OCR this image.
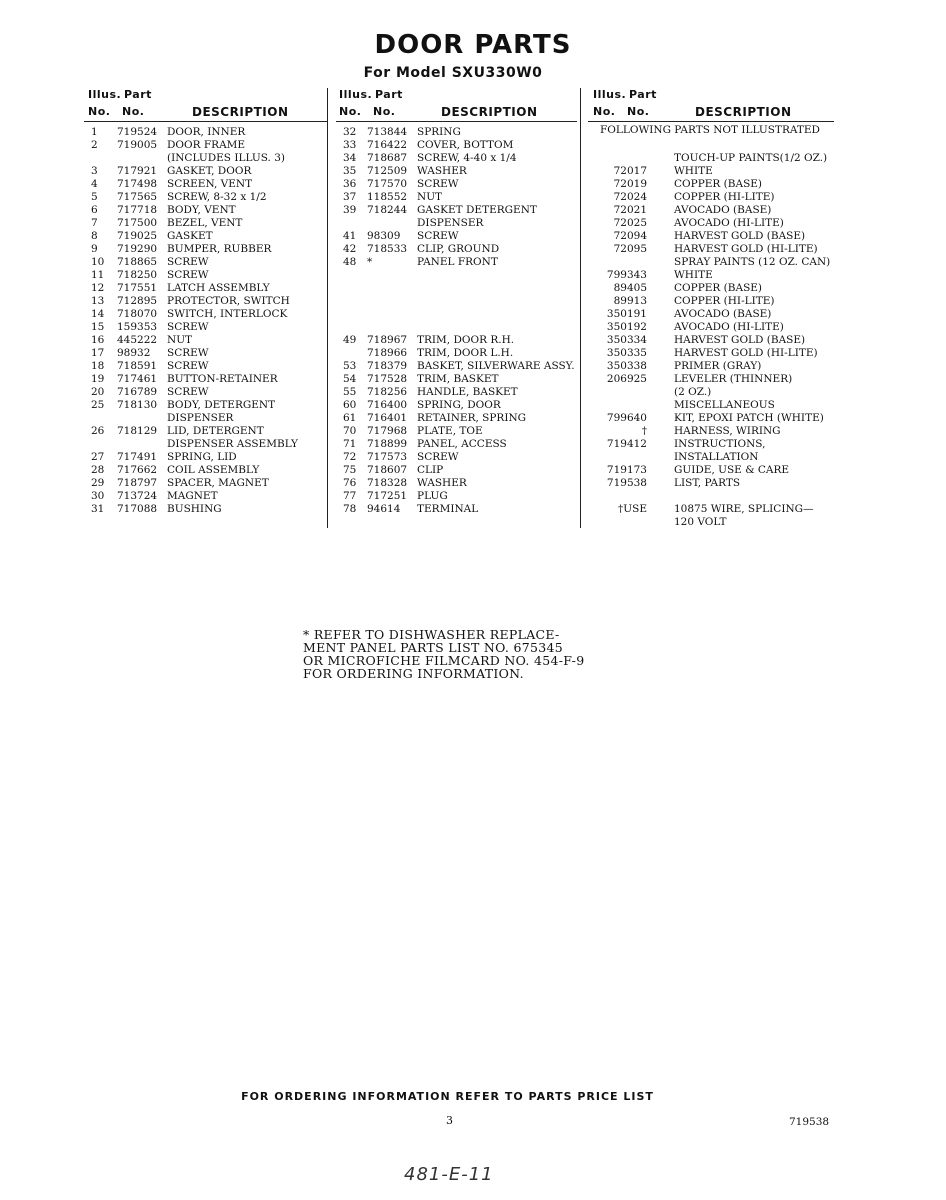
DOOR PARTS
For Model SXU330W0
Illus. Part
No. No.	DESCRIPTION
Illus. Part
No. No.	DESCRIPTION
Illus. Part
No. No.	DESCRIPTION
1 719524 DOOR, INNER
2 719005 DOOR FRAME
(INCLUDES ILLUS. 3)
3 717921 GASKET, DOOR
4 717498 SCREEN, VENT
5 717565 SCREW, 8-32 x 1/2
6 717718 BODY, VENT
7 717500 BEZEL, VENT
8 719025 GASKET
9 719290 BUMPER, RUBBER
10 718865 SCREW
11 718250 SCREW
12 717551 LATCH ASSEMBLY
13 712895 PROTECTOR, SWITCH
14 718070 SWITCH, INTERLOCK
15 159353 SCREW
16 445222 NUT
17 98932 SCREW
18 718591 SCREW
19 717461 BUTTON-RETAINER
20 716789 SCREW
25 718130 BODY, DETERGENT
DISPENSER
26 718129 LID, DETERGENT
DISPENSER ASSEMBLY
27 717491 SPRING, LID
28 717662 COIL ASSEMBLY
29 718797 SPACER, MAGNET
30 713724 MAGNET
31 717088 BUSHING
32 713844 SPRING
33 716422 COVER, BOTTOM
34 718687 SCREW, 4-40 x 1/4
35 712509 WASHER
36 717570 SCREW
37 118552 NUT
39 718244 GASKET DETERGENT
DISPENSER
41 98309 SCREW
42 718533 CLIP, GROUND
48 *	PANEL FRONT
49 718967 TRIM, DOOR R.H.
718966 TRIM, DOOR L.H.
53 718379 BASKET, SILVERWARE ASSY.
54 717528 TRIM, BASKET
55 718256 HANDLE, BASKET
60 716400 SPRING, DOOR
61 716401 RETAINER, SPRING
70 717968 PLATE, TOE
71 718899 PANEL, ACCESS
72 717573 SCREW
75 718607 CLIP
76 718328 WASHER
77 717251 PLUG
78 94614 TERMINAL
FOLLOWING PARTS NOT ILLUSTRATED
TOUCH-UP PAINTS(1/2 OZ.)
72017	WHITE
72019	COPPER (BASE)
72024	COPPER (HI-LITE)
72021	AVOCADO (BASE)
72025	AVOCADO (HI-LITE)
72094	HARVEST GOLD (BASE)
72095	HARVEST GOLD (HI-LITE)
SPRAY PAINTS (12 OZ. CAN)
799343	WHITE
89405	COPPER (BASE)
89913	COPPER (HI-LITE)
350191	AVOCADO (BASE)
350192	AVOCADO (HI-LITE)
350334	HARVEST GOLD (BASE)
350335	HARVEST GOLD (HI-LITE)
350338	PRIMER (GRAY)
206925	LEVELER (THINNER)
(2 OZ.)
MISCELLANEOUS
799640	KIT, EPOXI PATCH (WHITE)
†	HARNESS, WIRING
719412	INSTRUCTIONS,
INSTALLATION
719173	GUIDE, USE & CARE
719538	LIST, PARTS
†USE	10875 WIRE, SPLICING—
120 VOLT
* REFER TO DISHWASHER REPLACE-
MENT PANEL PARTS LIST NO. 675345
OR MICROFICHE FILMCARD NO. 454-F-9
FOR ORDERING INFORMATION.
FOR ORDERING INFORMATION REFER TO PARTS PRICE LIST
3	719538
481-E-11
